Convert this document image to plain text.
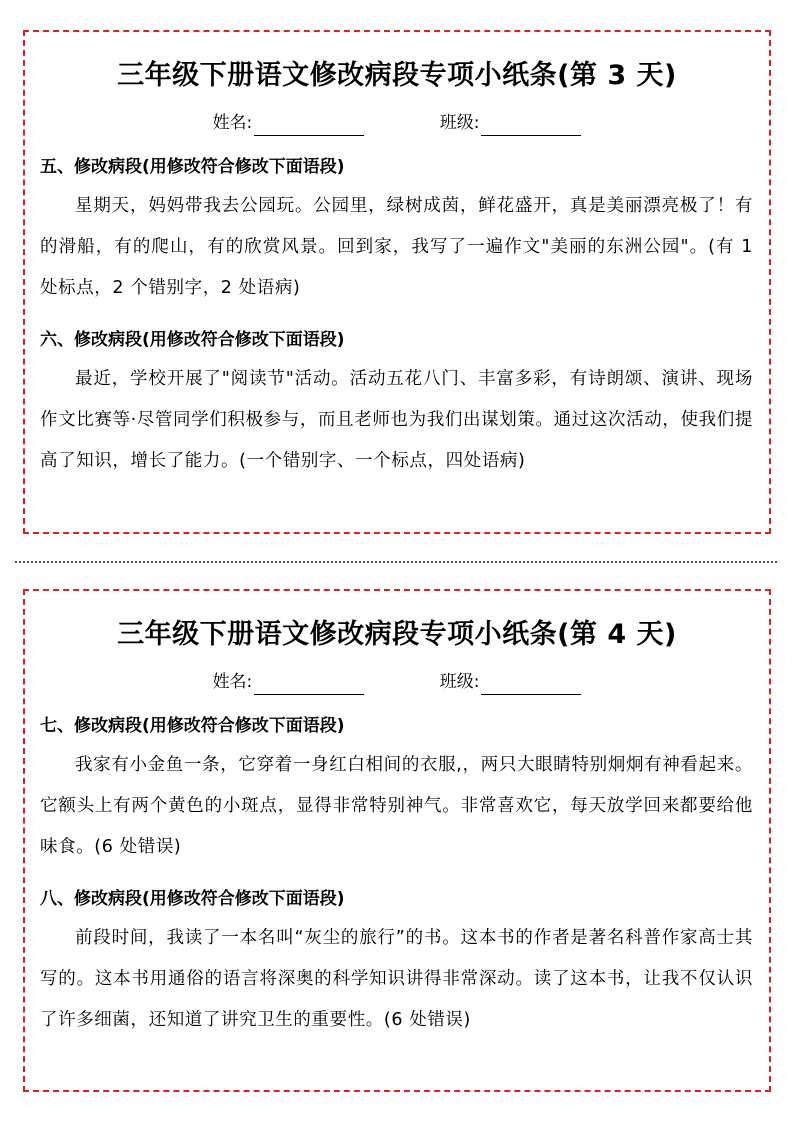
三年级下册语文修改病段专项小纸条(第 3 天)
姓名:	班级:
五、修改病段(用修改符合修改下面语段)
星期天，妈妈带我去公园玩。公园里，绿树成茵，鲜花盛开，真是美丽漂亮极了！有的滑船，有的爬山，有的欣赏风景。回到家，我写了一遍作文"美丽的东洲公园"。(有 1 处标点，2 个错别字，2 处语病)
六、修改病段(用修改符合修改下面语段)
最近，学校开展了"阅读节"活动。活动五花八门、丰富多彩，有诗朗颂、演讲、现场作文比赛等·尽管同学们积极参与，而且老师也为我们出谋划策。通过这次活动，使我们提高了知识，增长了能力。(一个错别字、一个标点，四处语病)
三年级下册语文修改病段专项小纸条(第 4 天)
姓名:	班级:
七、修改病段(用修改符合修改下面语段)
我家有小金鱼一条，它穿着一身红白相间的衣服,，两只大眼睛特别炯炯有神看起来。它额头上有两个黄色的小斑点，显得非常特别神气。非常喜欢它，每天放学回来都要给他味食。(6 处错误)
八、修改病段(用修改符合修改下面语段)
前段时间，我读了一本名叫“灰尘的旅行”的书。这本书的作者是著名科普作家高士其写的。这本书用通俗的语言将深奥的科学知识讲得非常深动。读了这本书，让我不仅认识了许多细菌，还知道了讲究卫生的重要性。(6 处错误)
